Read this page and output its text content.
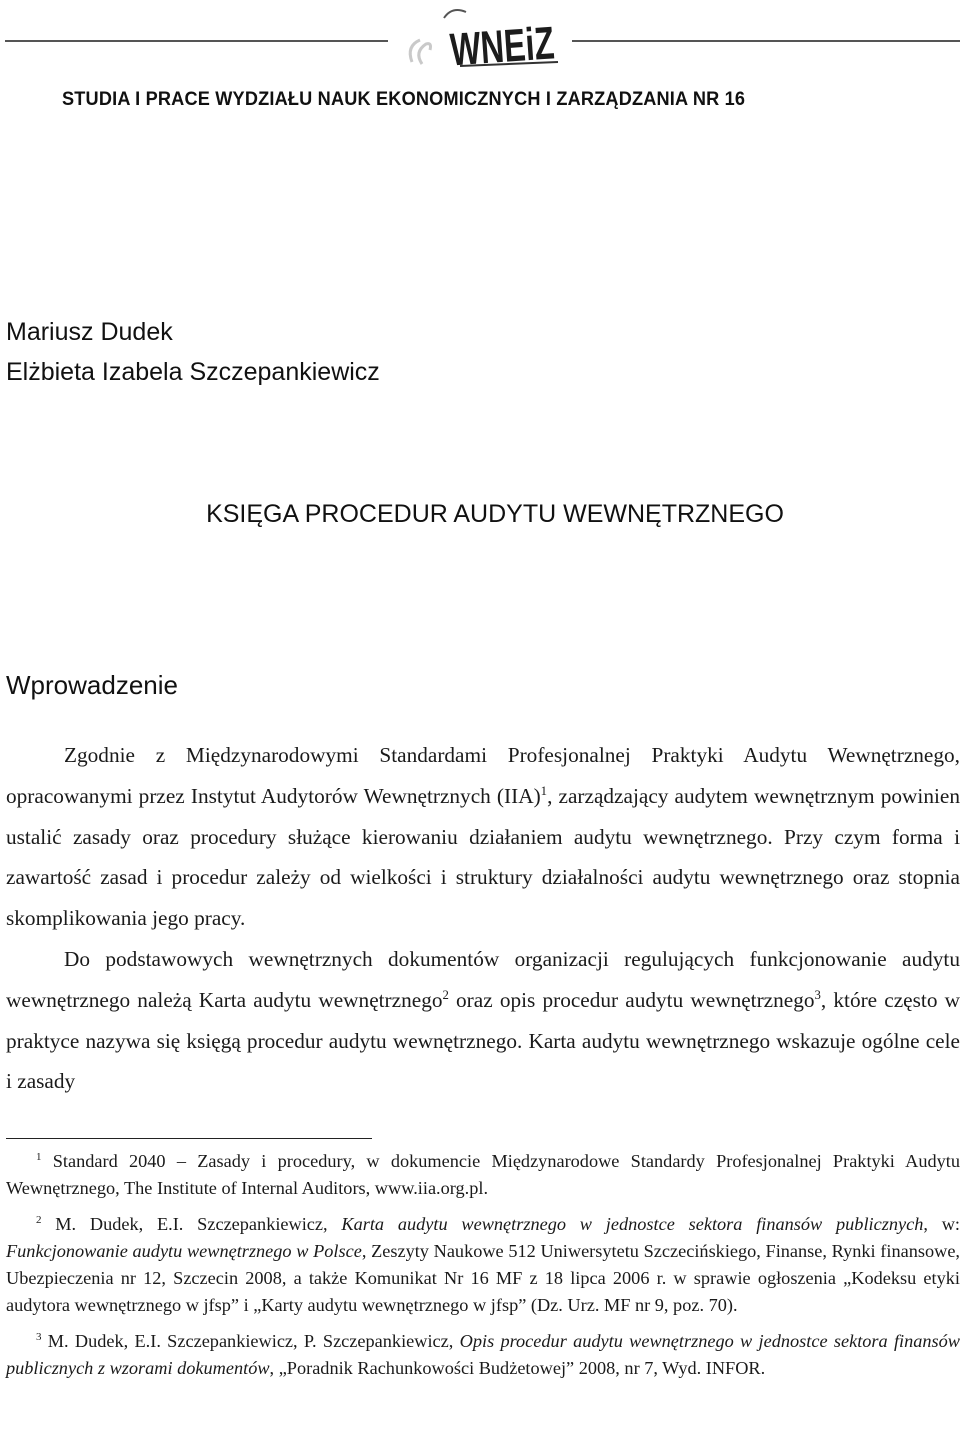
WNEiZ
STUDIA I PRACE WYDZIAŁU NAUK EKONOMICZNYCH I ZARZĄDZANIA NR 16
Mariusz Dudek
Elżbieta Izabela Szczepankiewicz
KSIĘGA PROCEDUR AUDYTU WEWNĘTRZNEGO
Wprowadzenie

Zgodnie z Międzynarodowymi Standardami Profesjonalnej Praktyki Audytu Wewnętrznego, opracowanymi przez Instytut Audytorów Wewnętrznych (IIA)$^1$, zarządzający audytem wewnętrznym powinien ustalić zasady oraz procedury służące kierowaniu działaniem audytu wewnętrznego. Przy czym forma i zawartość zasad i procedur zależy od wielkości i struktury działalności audytu wewnętrznego oraz stopnia skomplikowania jego pracy.

Do podstawowych wewnętrznych dokumentów organizacji regulujących funkcjonowanie audytu wewnętrznego należą Karta audytu wewnętrznego$^2$ oraz opis procedur audytu wewnętrznego$^3$, które często w praktyce nazywa się księgą procedur audytu wewnętrznego. Karta audytu wewnętrznego wskazuje ogólne cele i zasady

$^1$ Standard 2040 – Zasady i procedury, w dokumencie Międzynarodowe Standardy Profesjonalnej Praktyki Audytu Wewnętrznego, The Institute of Internal Auditors, www.iia.org.pl.

$^2$ M. Dudek, E.I. Szczepankiewicz, Karta audytu wewnętrznego w jednostce sektora finansów publicznych, w: Funkcjonowanie audytu wewnętrznego w Polsce, Zeszyty Naukowe 512 Uniwersytetu Szczecińskiego, Finanse, Rynki finansowe, Ubezpieczenia nr 12, Szczecin 2008, a także Komunikat Nr 16 MF z 18 lipca 2006 r. w sprawie ogłoszenia „Kodeksu etyki audytora wewnętrznego w jfsp” i „Karty audytu wewnętrznego w jfsp” (Dz. Urz. MF nr 9, poz. 70).

$^3$ M. Dudek, E.I. Szczepankiewicz, P. Szczepankiewicz, Opis procedur audytu wewnętrznego w jednostce sektora finansów publicznych z wzorami dokumentów, „Poradnik Rachunkowości Budżetowej” 2008, nr 7, Wyd. INFOR.
